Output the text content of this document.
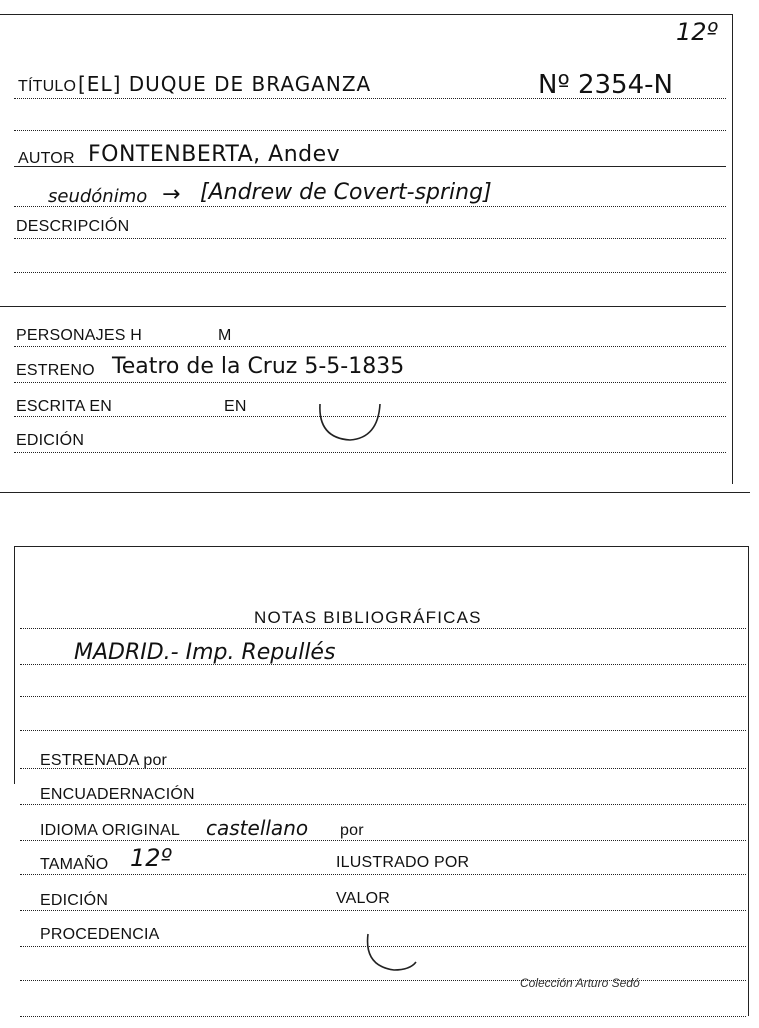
12º
TÍTULO [EL] DUQUE DE BRAGANZA	Nº 2354-N
AUTOR FONTENBERTA, Andev
seudónimo → [Andrew de Covert-spring]
DESCRIPCIÓN
PERSONAJES H	M
ESTRENO Teatro de la Cruz 5-5-1835
ESCRITA EN	EN
EDICIÓN
NOTAS BIBLIOGRÁFICAS
MADRID.- Imp. Repullés
ESTRENADA por
ENCUADERNACIÓN
IDIOMA ORIGINAL castellano por
TAMAÑO 12º	ILUSTRADO POR
EDICIÓN	VALOR
PROCEDENCIA
Colección Arturo Sedó
